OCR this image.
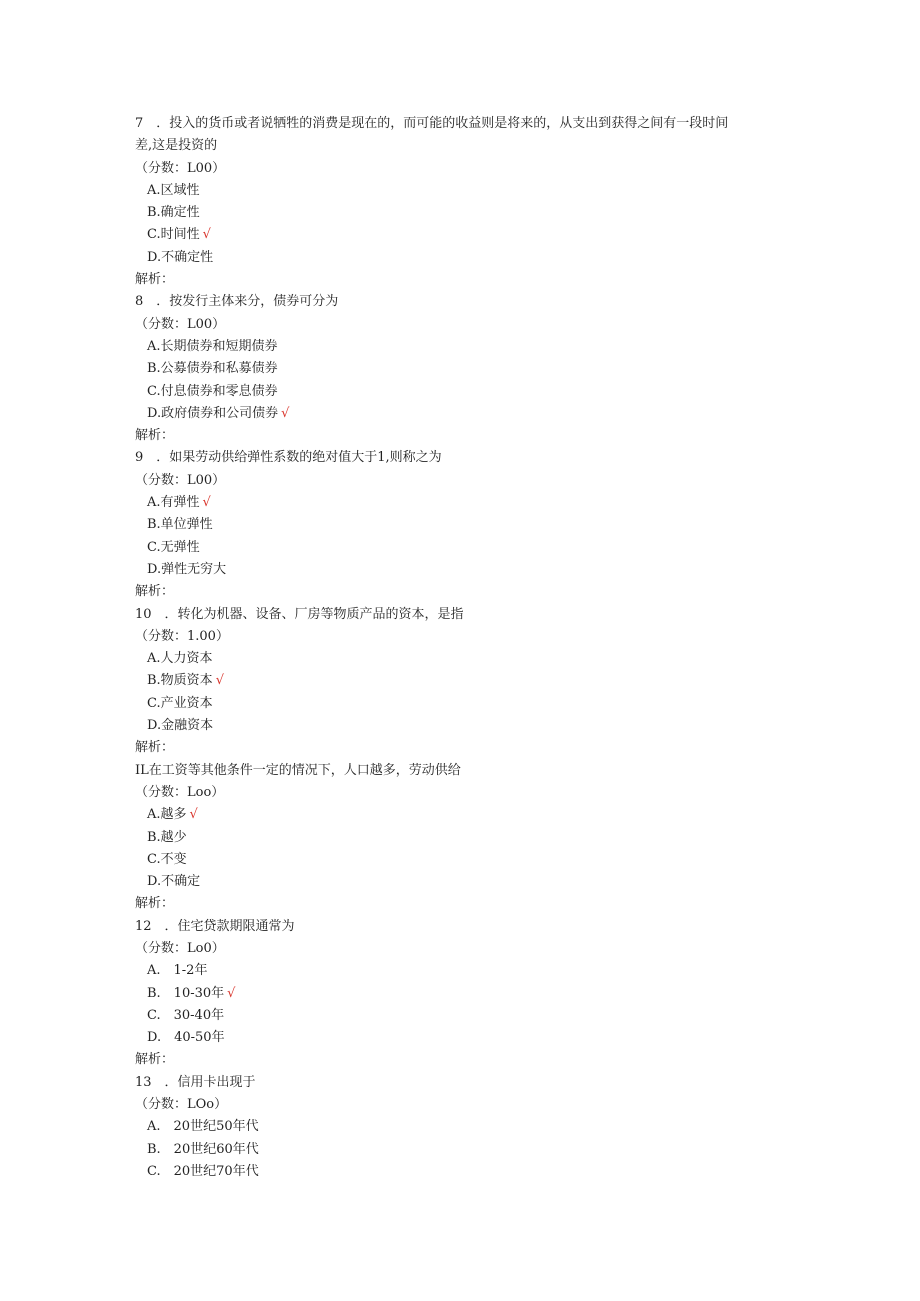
7　．投入的货币或者说牺牲的消费是现在的，而可能的收益则是将来的，从支出到获得之间有一段时间
差,这是投资的
（分数：L00）
A.区域性
B.确定性
C.时间性 √
D.不确定性
解析：
8　．按发行主体来分，债券可分为
（分数：L00）
A.长期债券和短期债券
B.公募债券和私募债券
C.付息债券和零息债券
D.政府债券和公司债券 √
解析：
9　．如果劳动供给弹性系数的绝对值大于1,则称之为
（分数：L00）
A.有弹性 √
B.单位弹性
C.无弹性
D.弹性无穷大
解析：
10　．转化为机器、设备、厂房等物质产品的资本，是指
（分数：1.00）
A.人力资本
B.物质资本 √
C.产业资本
D.金融资本
解析：
IL在工资等其他条件一定的情况下，人口越多，劳动供给
（分数：Loo）
A.越多 √
B.越少
C.不变
D.不确定
解析：
12　．住宅贷款期限通常为
（分数：Lo0）
A.　1-2年
B.　10-30年 √
C.　30-40年
D.　40-50年
解析：
13　．信用卡出现于
（分数：LOo）
A.　20世纪50年代
B.　20世纪60年代
C.　20世纪70年代
